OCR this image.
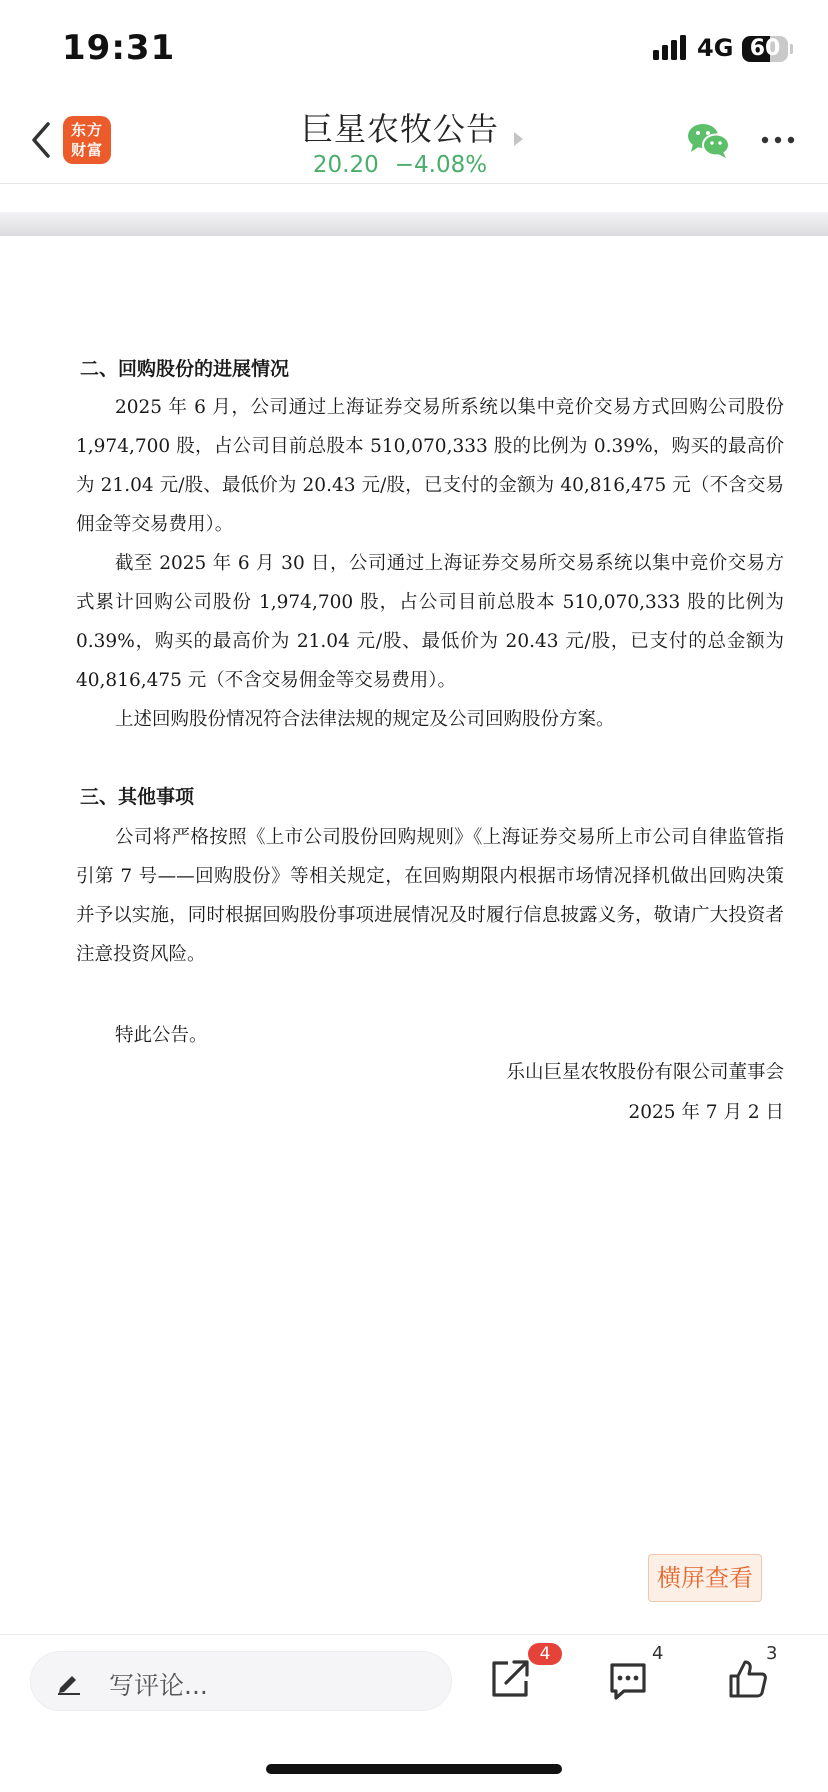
19:31	4G 60
东方
财富
巨星农牧公告
20.20 −4.08%
二、回购股份的进展情况
2025 年 6 月，公司通过上海证券交易所系统以集中竞价交易方式回购公司股份 1,974,700 股，占公司目前总股本 510,070,333 股的比例为 0.39%，购买的最高价为 21.04 元/股、最低价为 20.43 元/股，已支付的金额为 40,816,475 元（不含交易佣金等交易费用）。
截至 2025 年 6 月 30 日，公司通过上海证券交易所交易系统以集中竞价交易方式累计回购公司股份 1,974,700 股，占公司目前总股本 510,070,333 股的比例为 0.39%，购买的最高价为 21.04 元/股、最低价为 20.43 元/股，已支付的总金额为 40,816,475 元（不含交易佣金等交易费用）。
上述回购股份情况符合法律法规的规定及公司回购股份方案。
三、其他事项
公司将严格按照《上市公司股份回购规则》《上海证券交易所上市公司自律监管指引第 7 号——回购股份》等相关规定，在回购期限内根据市场情况择机做出回购决策并予以实施，同时根据回购股份事项进展情况及时履行信息披露义务，敬请广大投资者注意投资风险。
特此公告。
乐山巨星农牧股份有限公司董事会
2025 年 7 月 2 日
横屏查看
写评论...
4	4	3
